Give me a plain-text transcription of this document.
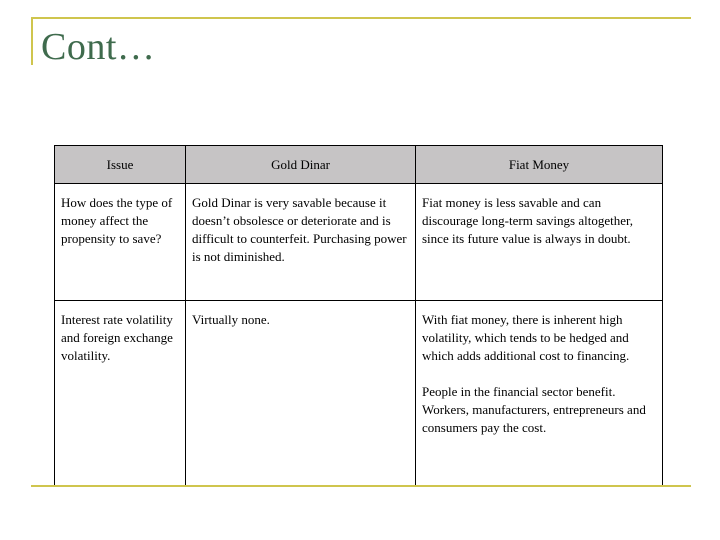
Cont…
Issue	Gold Dinar	Fiat Money
How does the type of money affect the propensity to save?	Gold Dinar is very savable because it doesn’t obsolesce or deteriorate and is difficult to counterfeit. Purchasing power is not diminished.	Fiat money is less savable and can discourage long-term savings altogether, since its future value is always in doubt.

Interest rate volatility and foreign exchange volatility.	Virtually none.	With fiat money, there is inherent high volatility, which tends to be hedged and which adds additional cost to financing.

People in the financial sector benefit. Workers, manufacturers, entrepreneurs and consumers pay the cost.
